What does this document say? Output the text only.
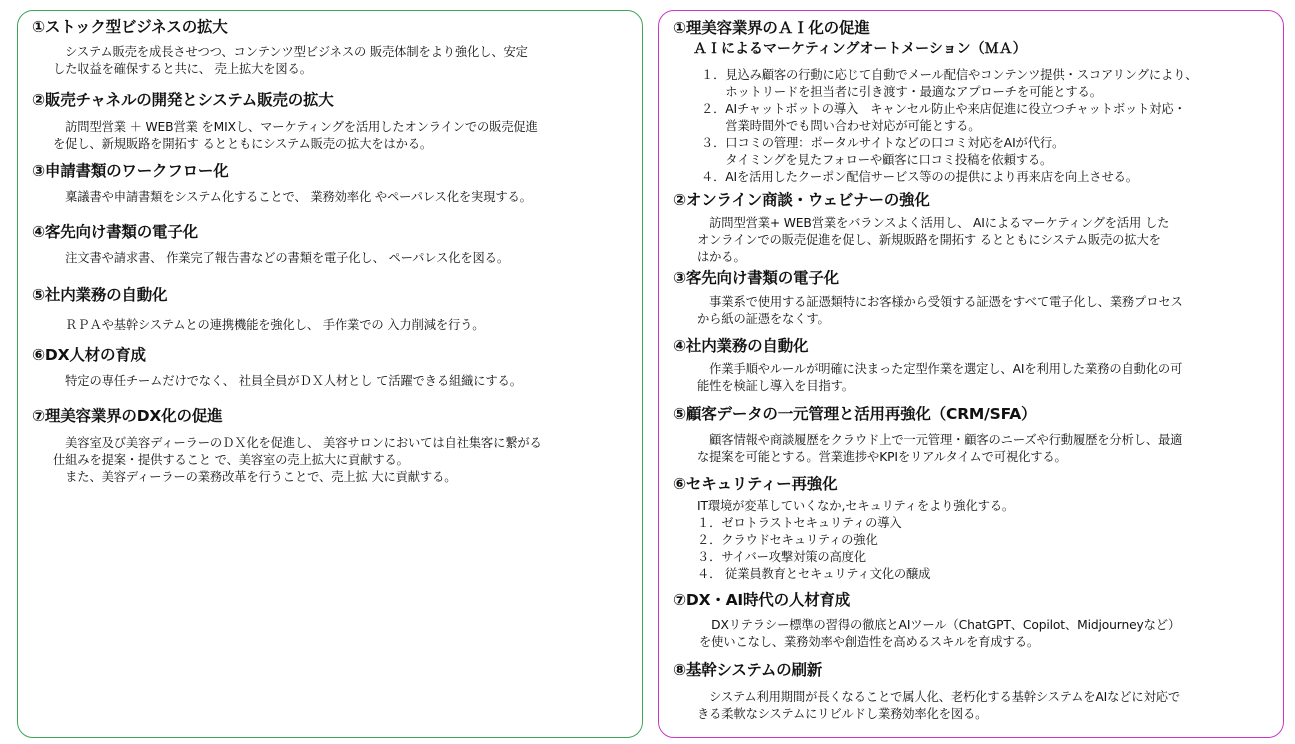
①ストック型ビジネスの拡大
　システム販売を成長させつつ、コンテンツ型ビジネスの 販売体制をより強化し、安定
した収益を確保すると共に、 売上拡大を図る。
②販売チャネルの開発とシステム販売の拡大
　訪問型営業 ＋ WEB営業 をMIXし、マーケティングを活用したオンラインでの販売促進
を促し、新規販路を開拓す るとともにシステム販売の拡大をはかる。
③申請書類のワークフロー化
　稟議書や申請書類をシステム化することで、 業務効率化 やペーパレス化を実現する。
④客先向け書類の電子化
　注文書や請求書、 作業完了報告書などの書類を電子化し、 ペーパレス化を図る。
⑤社内業務の自動化
　ＲＰＡや基幹システムとの連携機能を強化し、 手作業での 入力削減を行う。
⑥DX人材の育成
　特定の専任チームだけでなく、 社員全員がＤＸ人材とし て活躍できる組織にする。
⑦理美容業界のDX化の促進
　美容室及び美容ディーラーのＤＸ化を促進し、 美容サロンにおいては自社集客に繋がる
仕組みを提案・提供すること で、美容室の売上拡大に貢献する。
　また、美容ディーラーの業務改革を行うことで、売上拡 大に貢献する。
①理美容業界のＡＩ化の促進
ＡＩによるマーケティングオートメーション（ＭＡ）
１．見込み顧客の行動に応じて自動でメール配信やコンテンツ提供・スコアリングにより、
　　ホットリードを担当者に引き渡す・最適なアプローチを可能とする。
２．AIチャットボットの導入　キャンセル防止や来店促進に役立つチャットボット対応・
　　営業時間外でも問い合わせ対応が可能とする。
３．口コミの管理：ポータルサイトなどの口コミ対応をAIが代行。
　　タイミングを見たフォローや顧客に口コミ投稿を依頼する。
４．AIを活用したクーポン配信サービス等のの提供により再来店を向上させる。
②オンライン商談・ウェビナーの強化
　訪問型営業+ WEB営業をバランスよく活用し、 AIによるマーケティングを活用 した
オンラインでの販売促進を促し、新規販路を開拓す るとともにシステム販売の拡大を
はかる。
③客先向け書類の電子化
　事業系で使用する証憑類特にお客様から受領する証憑をすべて電子化し、業務プロセス
から紙の証憑をなくす。
④社内業務の自動化
　作業手順やルールが明確に決まった定型作業を選定し、AIを利用した業務の自動化の可
能性を検証し導入を目指す。
⑤顧客データの一元管理と活用再強化（CRM/SFA）
　顧客情報や商談履歴をクラウド上で一元管理・顧客のニーズや行動履歴を分析し、最適
な提案を可能とする。営業進捗やKPIをリアルタイムで可視化する。
⑥セキュリティー再強化
IT環境が変革していくなか,セキュリティをより強化する。
１．ゼロトラストセキュリティの導入
２．クラウドセキュリティの強化
３．サイバー攻撃対策の高度化
４． 従業員教育とセキュリティ文化の醸成
⑦DX・AI時代の人材育成
　DXリテラシー標準の習得の徹底とAIツール（ChatGPT、Copilot、Midjourneyなど）
を使いこなし、業務効率や創造性を高めるスキルを育成する。
⑧基幹システムの刷新
　システム利用期間が長くなることで属人化、老朽化する基幹システムをAIなどに対応で
きる柔軟なシステムにリビルドし業務効率化を図る。
